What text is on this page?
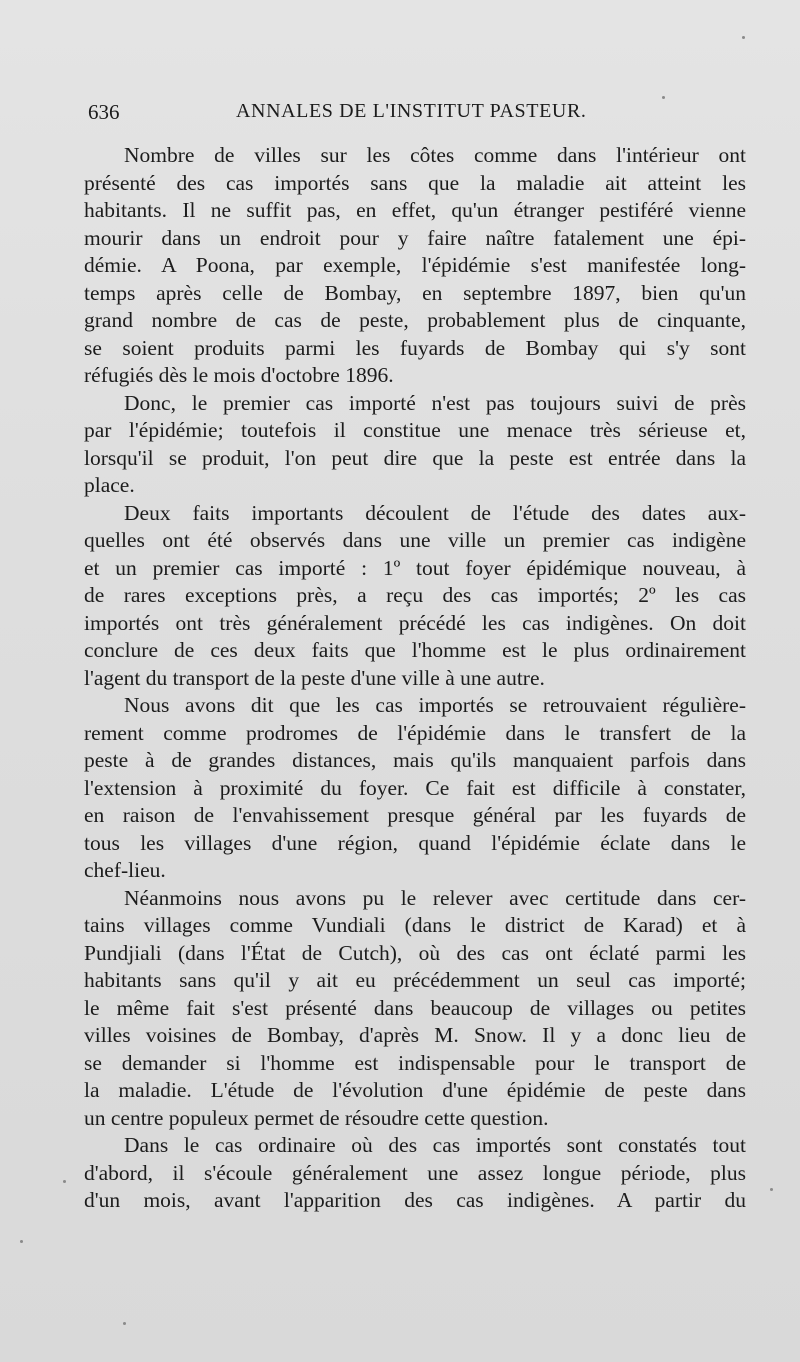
636	ANNALES DE L'INSTITUT PASTEUR.
Nombre de villes sur les côtes comme dans l'intérieur ont
présenté des cas importés sans que la maladie ait atteint les
habitants. Il ne suffit pas, en effet, qu'un étranger pestiféré vienne
mourir dans un endroit pour y faire naître fatalement une épi-
démie. A Poona, par exemple, l'épidémie s'est manifestée long-
temps après celle de Bombay, en septembre 1897, bien qu'un
grand nombre de cas de peste, probablement plus de cinquante,
se soient produits parmi les fuyards de Bombay qui s'y sont
réfugiés dès le mois d'octobre 1896.
Donc, le premier cas importé n'est pas toujours suivi de près
par l'épidémie; toutefois il constitue une menace très sérieuse et,
lorsqu'il se produit, l'on peut dire que la peste est entrée dans la
place.
Deux faits importants découlent de l'étude des dates aux-
quelles ont été observés dans une ville un premier cas indigène
et un premier cas importé : 1º tout foyer épidémique nouveau, à
de rares exceptions près, a reçu des cas importés; 2º les cas
importés ont très généralement précédé les cas indigènes. On doit
conclure de ces deux faits que l'homme est le plus ordinairement
l'agent du transport de la peste d'une ville à une autre.
Nous avons dit que les cas importés se retrouvaient régulière-
rement comme prodromes de l'épidémie dans le transfert de la
peste à de grandes distances, mais qu'ils manquaient parfois dans
l'extension à proximité du foyer. Ce fait est difficile à constater,
en raison de l'envahissement presque général par les fuyards de
tous les villages d'une région, quand l'épidémie éclate dans le
chef-lieu.
Néanmoins nous avons pu le relever avec certitude dans cer-
tains villages comme Vundiali (dans le district de Karad) et à
Pundjiali (dans l'État de Cutch), où des cas ont éclaté parmi les
habitants sans qu'il y ait eu précédemment un seul cas importé;
le même fait s'est présenté dans beaucoup de villages ou petites
villes voisines de Bombay, d'après M. Snow. Il y a donc lieu de
se demander si l'homme est indispensable pour le transport de
la maladie. L'étude de l'évolution d'une épidémie de peste dans
un centre populeux permet de résoudre cette question.
Dans le cas ordinaire où des cas importés sont constatés tout
d'abord, il s'écoule généralement une assez longue période, plus
d'un mois, avant l'apparition des cas indigènes. A partir du
